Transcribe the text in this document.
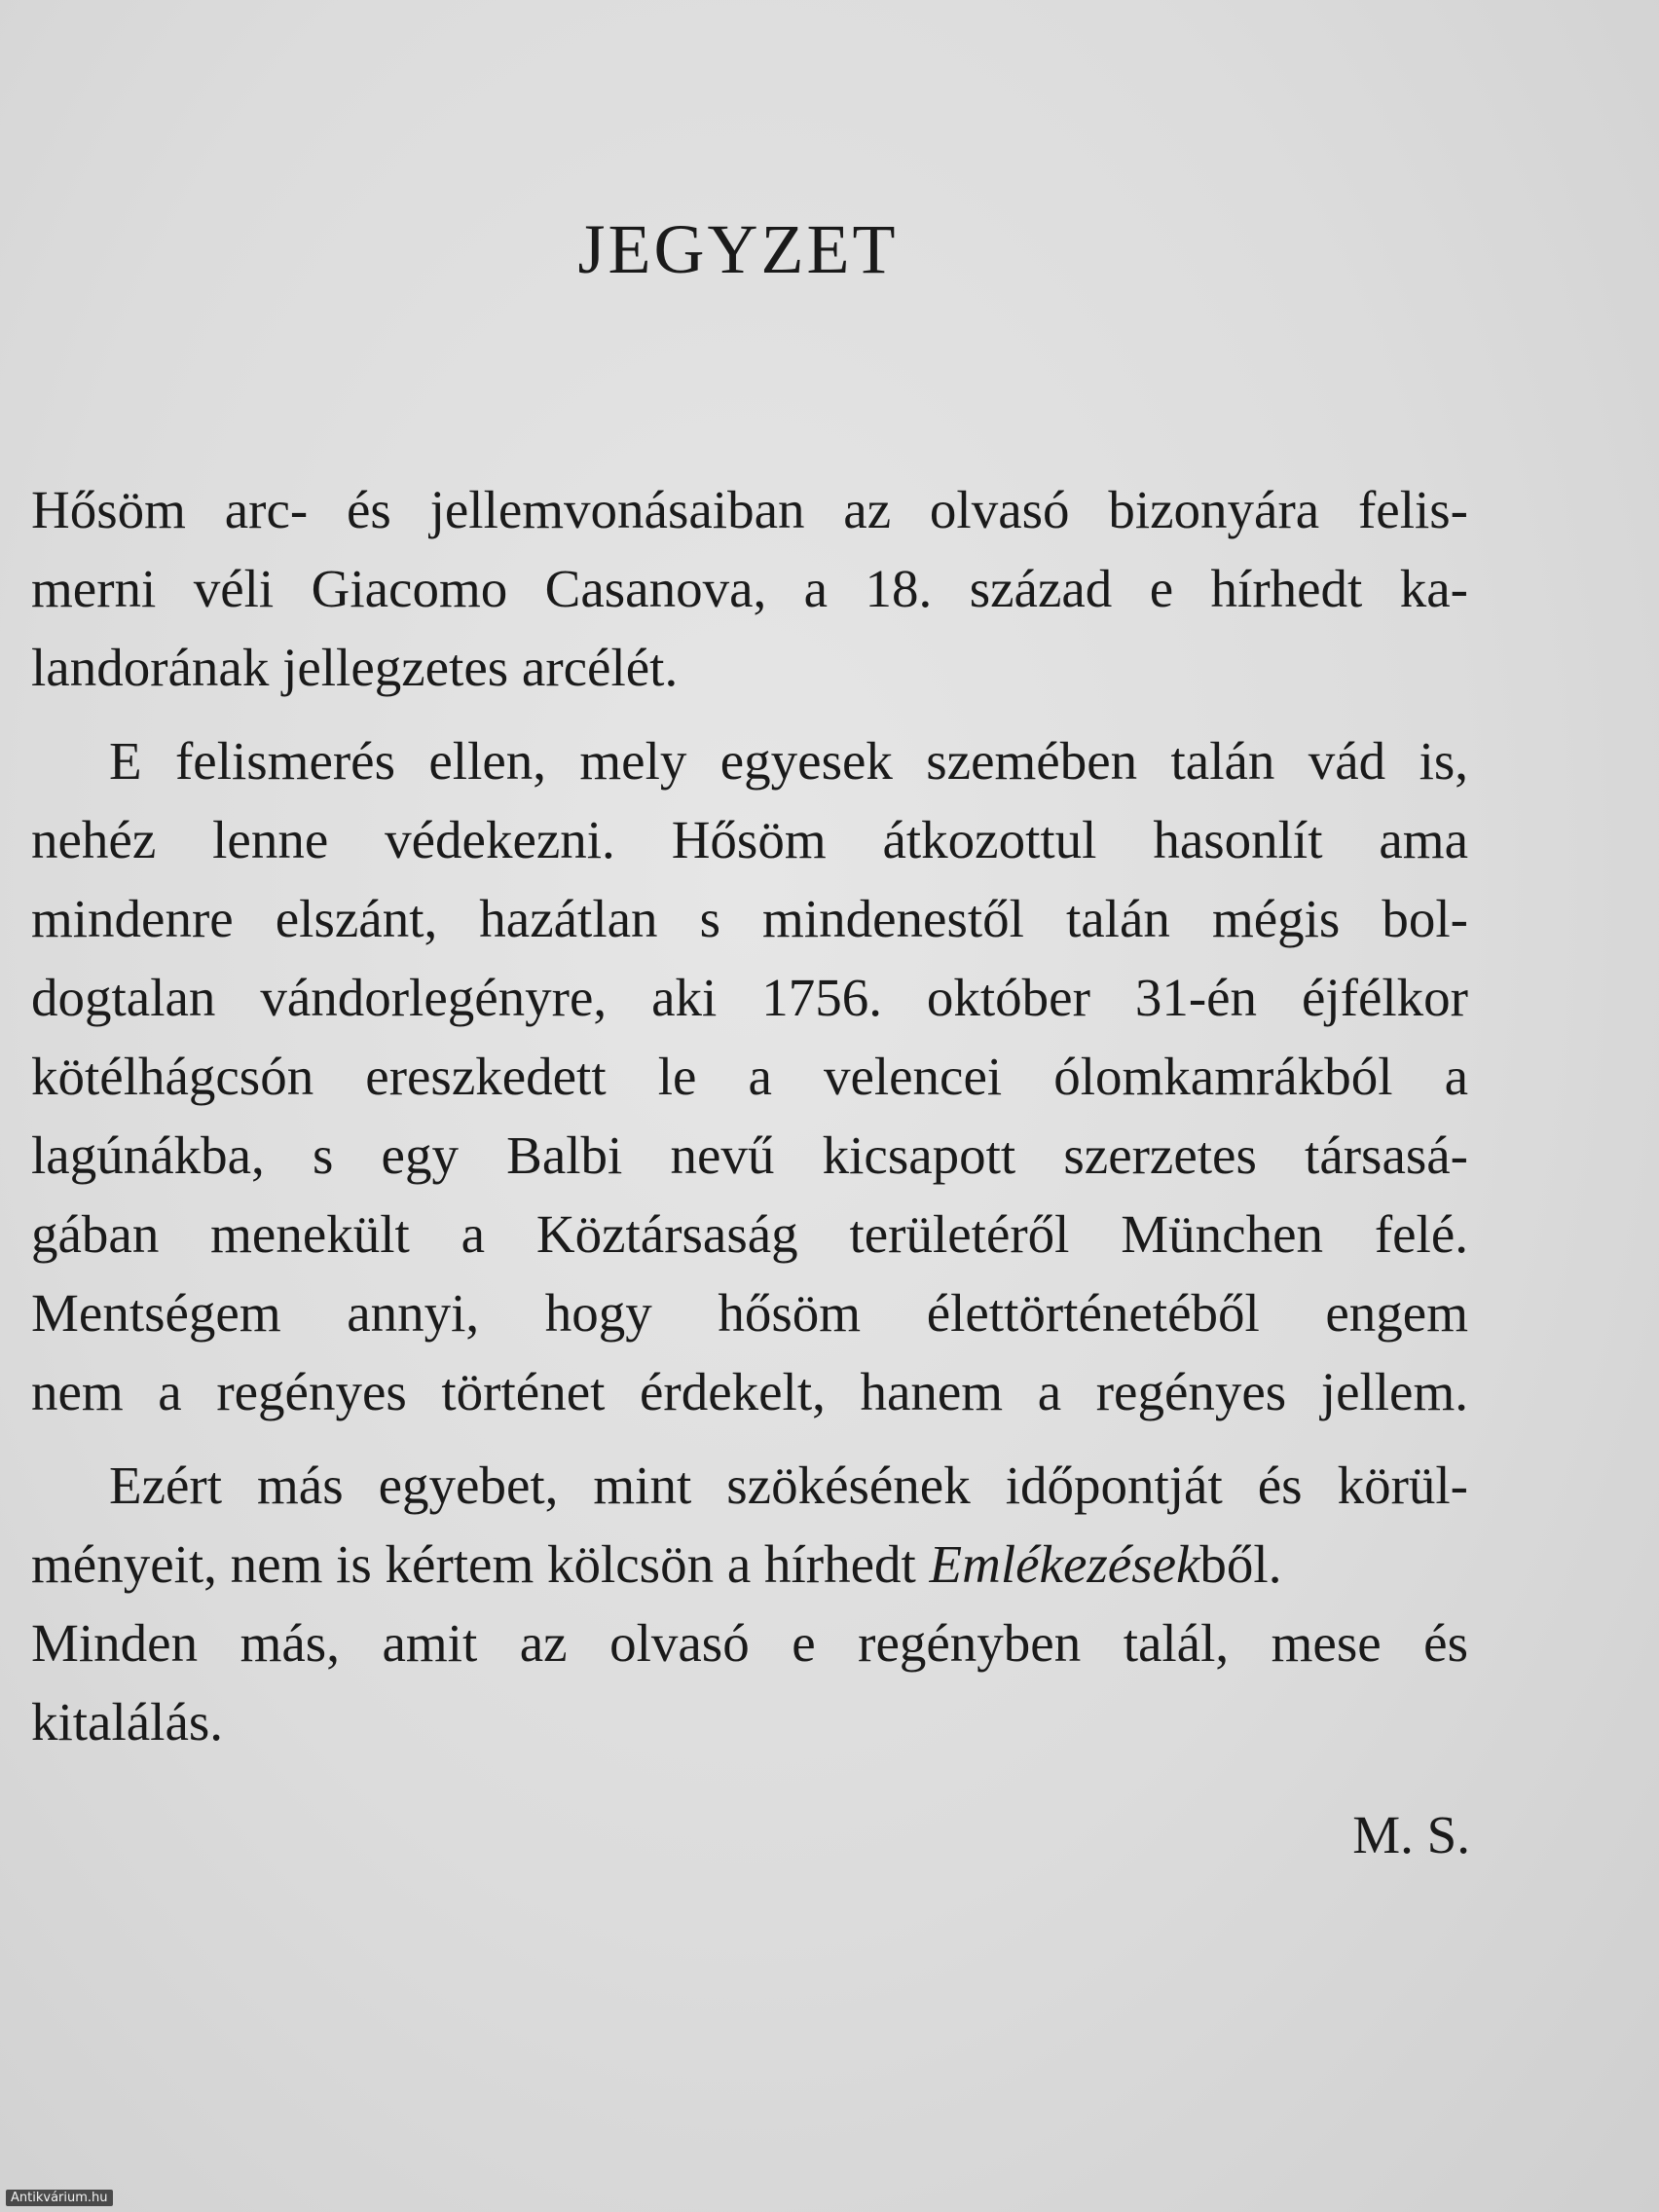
JEGYZET
Hősöm arc- és jellemvonásaiban az olvasó bizonyára felis-
merni véli Giacomo Casanova, a 18. század e hírhedt ka-
landorának jellegzetes arcélét.
E felismerés ellen, mely egyesek szemében talán vád is,
nehéz lenne védekezni. Hősöm átkozottul hasonlít ama
mindenre elszánt, hazátlan s mindenestől talán mégis bol-
dogtalan vándorlegényre, aki 1756. október 31-én éjfélkor
kötélhágcsón ereszkedett le a velencei ólomkamrákból a
lagúnákba, s egy Balbi nevű kicsapott szerzetes társasá-
gában menekült a Köztársaság területéről München felé.
Mentségem annyi, hogy hősöm élettörténetéből engem
nem a regényes történet érdekelt, hanem a regényes jellem.
Ezért más egyebet, mint szökésének időpontját és körül-
ményeit, nem is kértem kölcsön a hírhedt Emlékezésekből.
Minden más, amit az olvasó e regényben talál, mese és
kitalálás.
M. S.
Antikvárium.hu
